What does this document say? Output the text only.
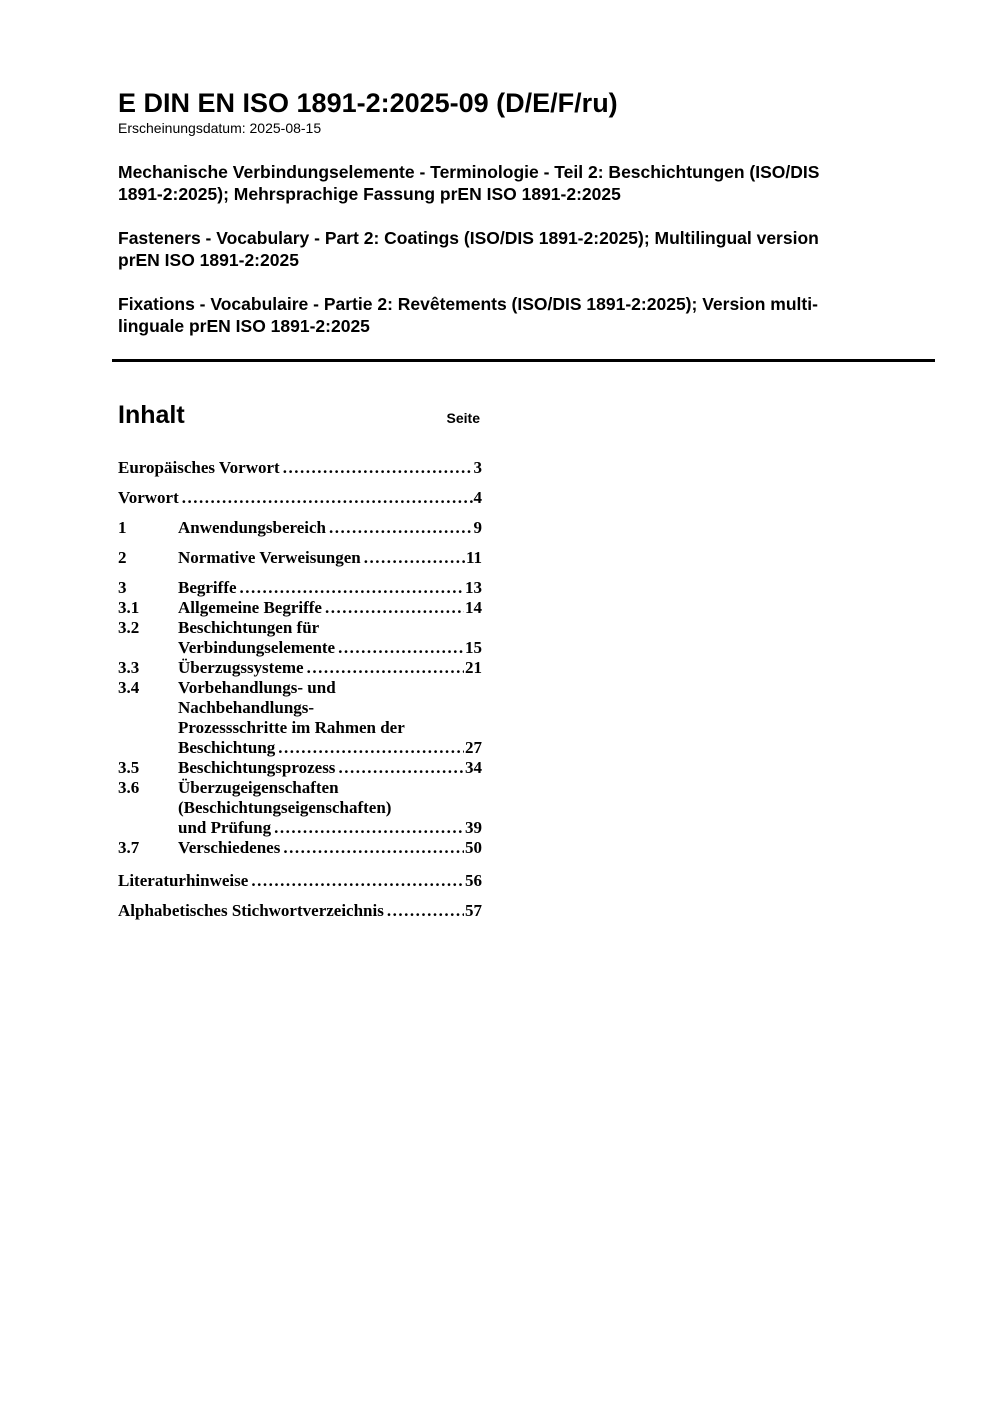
E DIN EN ISO 1891-2:2025-09 (D/E/F/ru)
Erscheinungsdatum: 2025-08-15
Mechanische Verbindungselemente - Terminologie - Teil 2: Beschichtungen (ISO/DIS
1891-2:2025); Mehrsprachige Fassung prEN ISO 1891-2:2025
Fasteners - Vocabulary - Part 2: Coatings (ISO/DIS 1891-2:2025); Multilingual version
prEN ISO 1891-2:2025
Fixations - Vocabulaire - Partie 2: Revêtements (ISO/DIS 1891-2:2025); Version multi-
linguale prEN ISO 1891-2:2025
Inhalt	Seite
Europäisches Vorwort .....	3
Vorwort .....	4
1	Anwendungsbereich .....	9
2	Normative Verweisungen .....	11
3	Begriffe .....	13
3.1 Allgemeine Begriffe .....	14
3.2 Beschichtungen für
Verbindungselemente .....	15
3.3 Überzugssysteme .....	21
3.4 Vorbehandlungs- und
Nachbehandlungs-
Prozessschritte im Rahmen der
Beschichtung .....	27
3.5 Beschichtungsprozess .....	34
3.6 Überzugeigenschaften
(Beschichtungseigenschaften)
und Prüfung .....	39
3.7 Verschiedenes .....	50
Literaturhinweise .....	56
Alphabetisches Stichwortverzeichnis .....	57
